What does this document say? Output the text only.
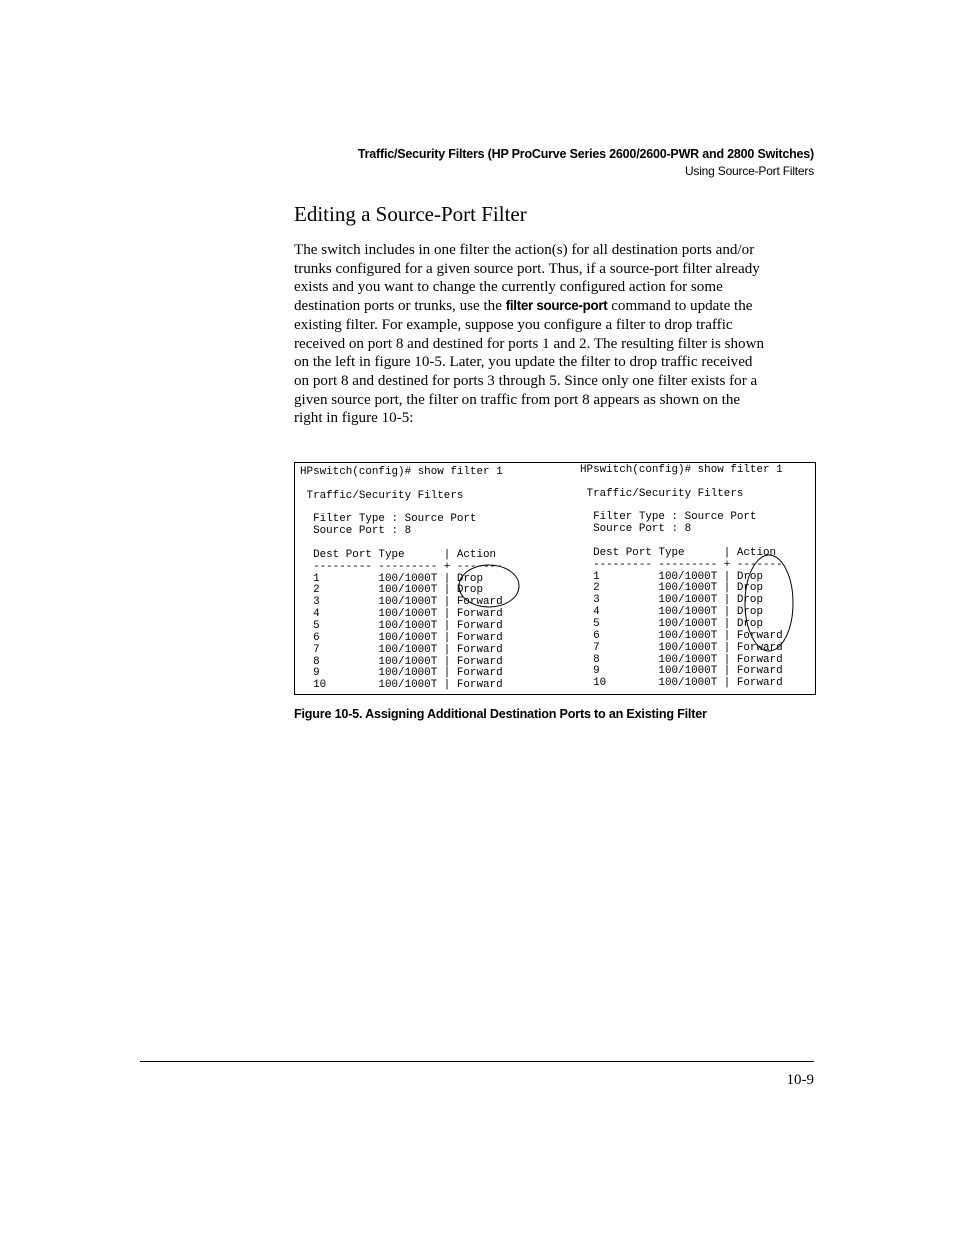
Traffic/Security Filters (HP ProCurve Series 2600/2600-PWR and 2800 Switches)
Using Source-Port Filters
Editing a Source-Port Filter
The switch includes in one filter the action(s) for all destination ports and/or
trunks configured for a given source port. Thus, if a source-port filter already
exists and you want to change the currently configured action for some
destination ports or trunks, use the filter source-port command to update the
existing filter. For example, suppose you configure a filter to drop traffic
received on port 8 and destined for ports 1 and 2. The resulting filter is shown
on the left in figure 10-5. Later, you update the filter to drop traffic received
on port 8 and destined for ports 3 through 5. Since only one filter exists for a
given source port, the filter on traffic from port 8 appears as shown on the
right in figure 10-5:
HPswitch(config)# show filter 1
Traffic/Security Filters
Filter Type : Source Port
Source Port : 8
Dest Port Type      | Action
--------- --------- + -------
1         100/1000T | Drop
2         100/1000T | Drop
3         100/1000T | Forward
4         100/1000T | Forward
5         100/1000T | Forward
6         100/1000T | Forward
7         100/1000T | Forward
8         100/1000T | Forward
9         100/1000T | Forward
10        100/1000T | Forward
HPswitch(config)# show filter 1
Traffic/Security Filters
Filter Type : Source Port
Source Port : 8
Dest Port Type      | Action
--------- --------- + -------
1         100/1000T | Drop
2         100/1000T | Drop
3         100/1000T | Drop
4         100/1000T | Drop
5         100/1000T | Drop
6         100/1000T | Forward
7         100/1000T | Forward
8         100/1000T | Forward
9         100/1000T | Forward
10        100/1000T | Forward
Figure 10-5. Assigning Additional Destination Ports to an Existing Filter
10-9
